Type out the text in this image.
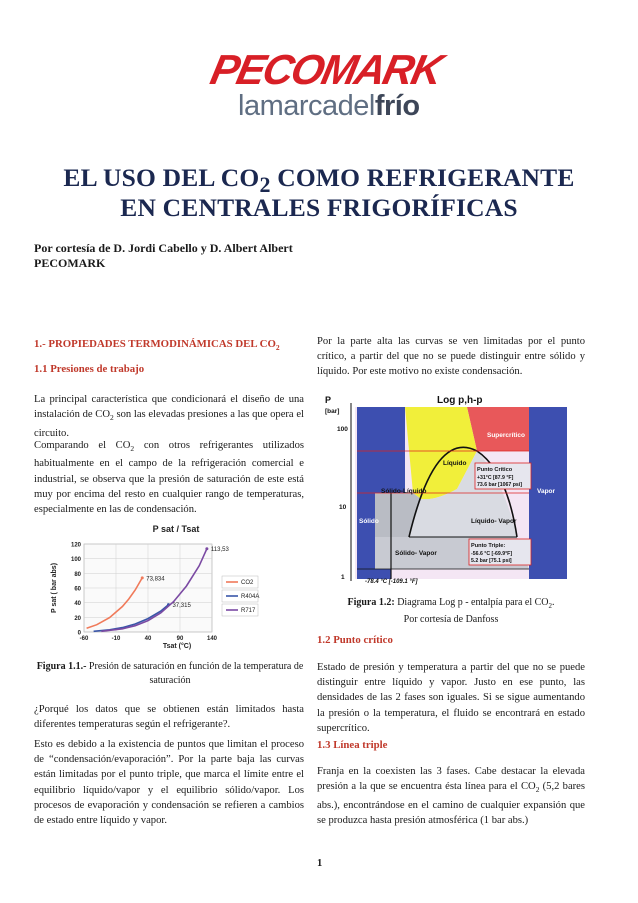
PECOMARK
lamarcadelfrío
EL USO DEL $CO_2$ COMO REFRIGERANTE
EN CENTRALES FRIGORÍFICAS
Por cortesía de D. Jordi Cabello y D. Albert Albert
PECOMARK
1.- PROPIEDADES TERMODINÁMICAS DEL $CO_2$
1.1 Presiones de trabajo

La principal característica que condicionará el diseño de una instalación de $CO_2$ son las elevadas presiones a las que opera el circuito.

Comparando el $CO_2$ con otros refrigerantes utilizados habitualmente en el campo de la refrigeración comercial e industrial, se observa que la presión de saturación de este está muy por encima del resto en cualquier rango de temperaturas, especialmente en las de condensación.

P sat / Tsat
P sat ( bar abs)
Tsat (°C)
0
20
40
60
80
100
120
-60	-10	40	90	140
73,834
37,315
113,53
CO2
R404A
R717
Figura 1.1.- Presión de saturación en función de la temperatura de saturación

¿Porqué los datos que se obtienen están limitados hasta diferentes temperaturas según el refrigerante?.

Esto es debido a la existencia de puntos que limitan el proceso de “condensación/evaporación”. Por la parte baja las curvas están limitadas por el punto triple, que marca el límite entre el equilibrio líquido/vapor y el equilibrio sólido/vapor. Los procesos de evaporación y condensación se refieren a cambios de estado entre líquido y vapor.

Por la parte alta las curvas se ven limitadas por el punto crítico, a partir del que no se puede distinguir entre sólido y líquido. Por este motivo no existe condensación.

P
[bar]
100
10
1
Log p,h-p
Supercrítico
Líquido
Sólido-Líquido	Vapor
Sólido	Líquido- Vapor
Sólido- Vapor
Punto Crítico
+31°C [87.9 °F]
73.6 bar [1067 psi]
Punto Triple:
-56.6 °C [-69.9°F]
5.2 bar [75.1 psi]
-78.4 °C [-109.1 °F]
Figura 1.2: Diagrama Log p - entalpía para el $CO_2$.
Por cortesía de Danfoss
1.2 Punto crítico

Estado de presión y temperatura a partir del que no se puede distinguir entre líquido y vapor. Justo en ese punto, las densidades de las 2 fases son iguales. Si se sigue aumentando la presión o la temperatura, el fluido se encontrará en estado supercrítico.

1.3 Línea triple

Franja en la coexisten las 3 fases. Cabe destacar la elevada presión a la que se encuentra ésta línea para el $CO_2$ (5,2 bares abs.), encontrándose en el camino de cualquier expansión que se produzca hasta presión atmosférica (1 bar abs.)

1
